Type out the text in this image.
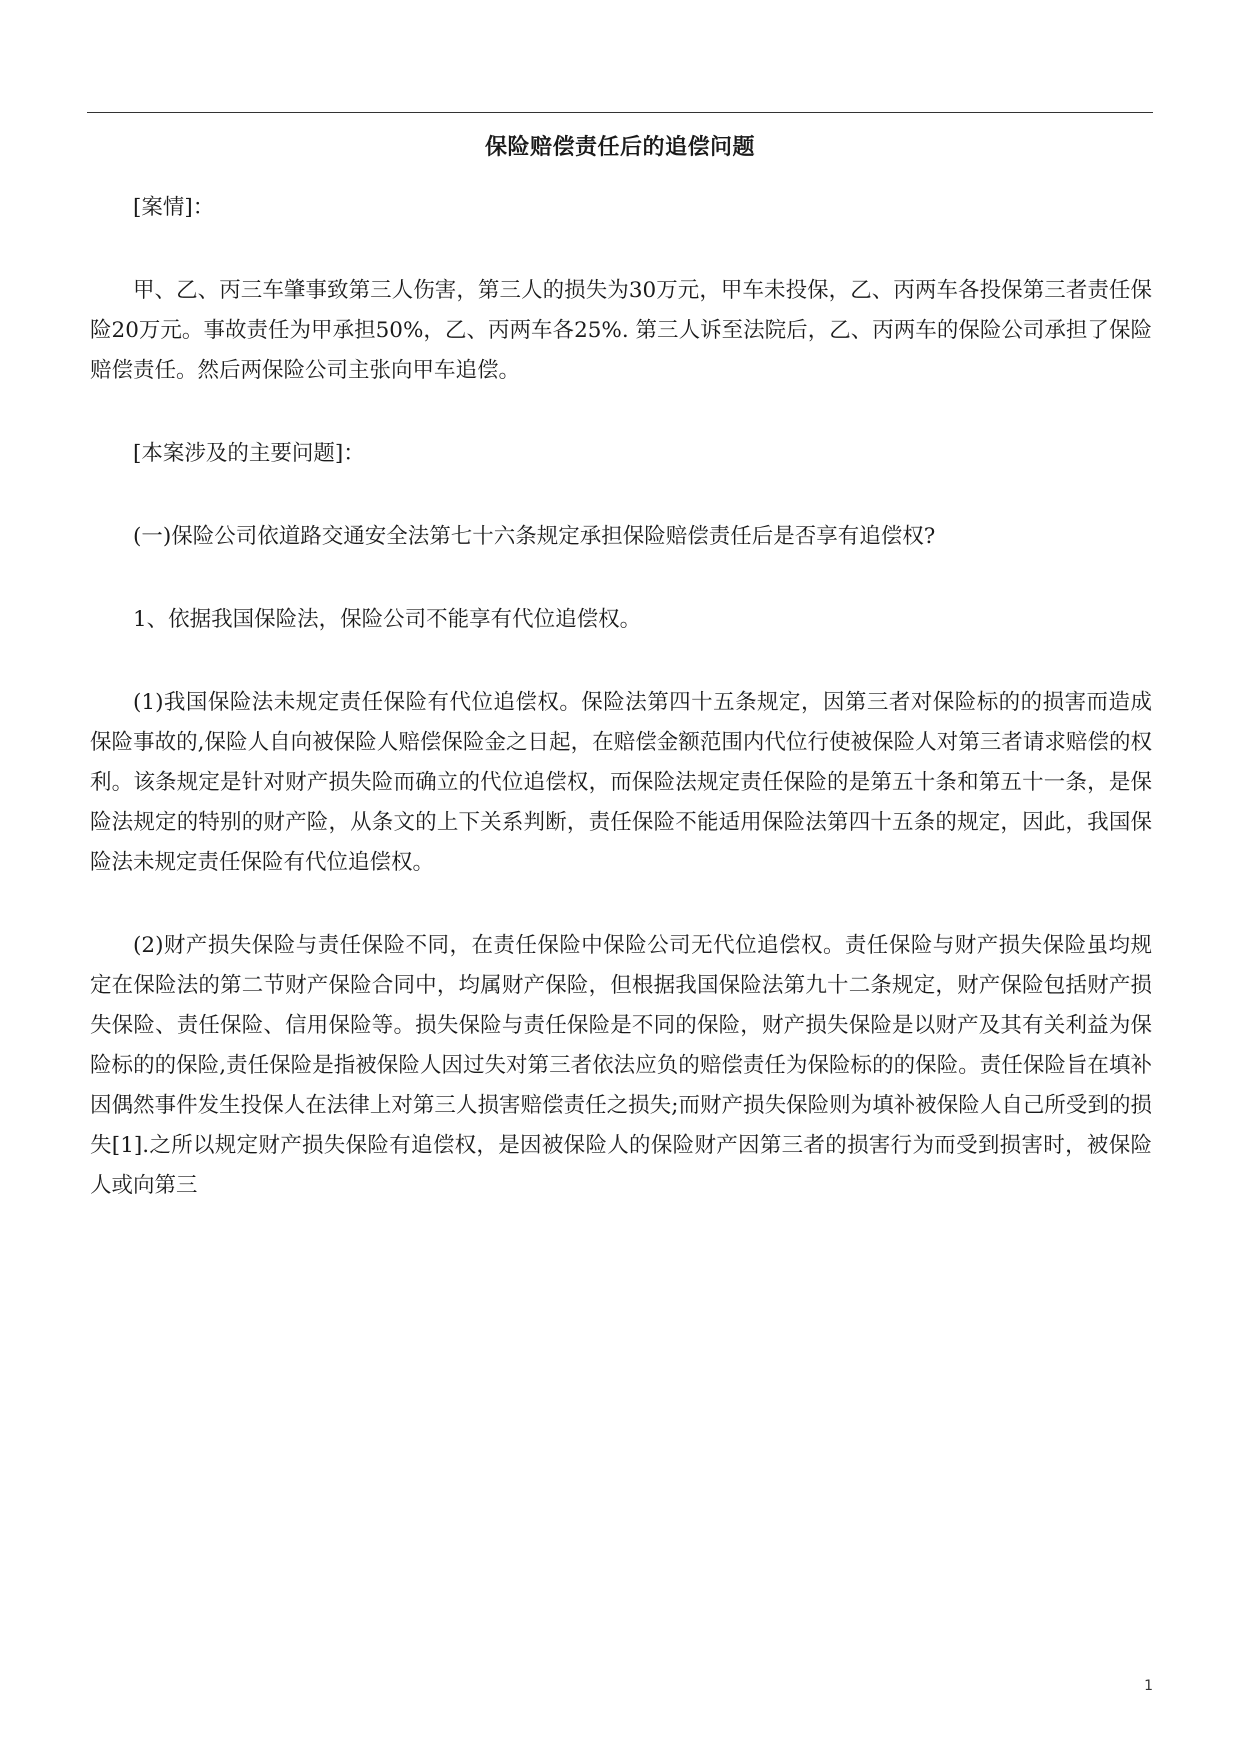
保险赔偿责任后的追偿问题

[案情]：

甲、乙、丙三车肇事致第三人伤害，第三人的损失为30万元，甲车未投保，乙、丙两车各投保第三者责任保险20万元。事故责任为甲承担50%，乙、丙两车各25%. 第三人诉至法院后，乙、丙两车的保险公司承担了保险赔偿责任。然后两保险公司主张向甲车追偿。

[本案涉及的主要问题]：

(一)保险公司依道路交通安全法第七十六条规定承担保险赔偿责任后是否享有追偿权?

1、依据我国保险法，保险公司不能享有代位追偿权。

(1)我国保险法未规定责任保险有代位追偿权。保险法第四十五条规定，因第三者对保险标的的损害而造成保险事故的,保险人自向被保险人赔偿保险金之日起，在赔偿金额范围内代位行使被保险人对第三者请求赔偿的权利。该条规定是针对财产损失险而确立的代位追偿权，而保险法规定责任保险的是第五十条和第五十一条，是保险法规定的特别的财产险，从条文的上下关系判断，责任保险不能适用保险法第四十五条的规定，因此，我国保险法未规定责任保险有代位追偿权。

(2)财产损失保险与责任保险不同，在责任保险中保险公司无代位追偿权。责任保险与财产损失保险虽均规定在保险法的第二节财产保险合同中，均属财产保险，但根据我国保险法第九十二条规定，财产保险包括财产损失保险、责任保险、信用保险等。损失保险与责任保险是不同的保险，财产损失保险是以财产及其有关利益为保险标的的保险,责任保险是指被保险人因过失对第三者依法应负的赔偿责任为保险标的的保险。责任保险旨在填补因偶然事件发生投保人在法律上对第三人损害赔偿责任之损失;而财产损失保险则为填补被保险人自己所受到的损失[1].之所以规定财产损失保险有追偿权，是因被保险人的保险财产因第三者的损害行为而受到损害时，被保险人或向第三

1
